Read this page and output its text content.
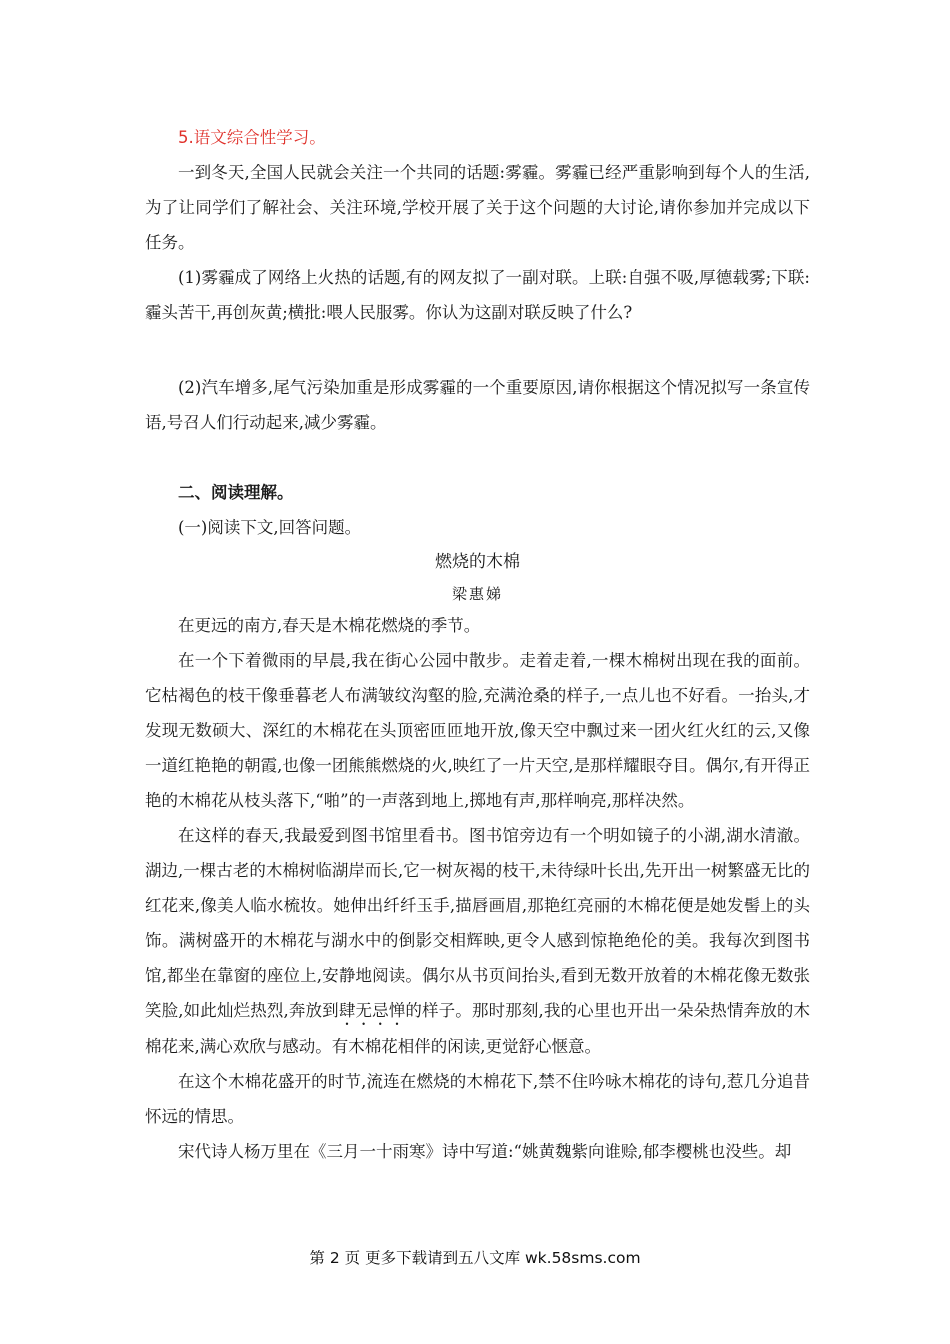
5.语文综合性学习。

一到冬天,全国人民就会关注一个共同的话题:雾霾。雾霾已经严重影响到每个人的生活,为了让同学们了解社会、关注环境,学校开展了关于这个问题的大讨论,请你参加并完成以下任务。

(1)雾霾成了网络上火热的话题,有的网友拟了一副对联。上联:自强不吸,厚德载雾;下联:霾头苦干,再创灰黄;横批:喂人民服雾。你认为这副对联反映了什么?

(2)汽车增多,尾气污染加重是形成雾霾的一个重要原因,请你根据这个情况拟写一条宣传语,号召人们行动起来,减少雾霾。

二、阅读理解。

(一)阅读下文,回答问题。

燃烧的木棉

梁惠娣

在更远的南方,春天是木棉花燃烧的季节。

在一个下着微雨的早晨,我在街心公园中散步。走着走着,一棵木棉树出现在我的面前。它枯褐色的枝干像垂暮老人布满皱纹沟壑的脸,充满沧桑的样子,一点儿也不好看。一抬头,才发现无数硕大、深红的木棉花在头顶密匝匝地开放,像天空中飘过来一团火红火红的云,又像一道红艳艳的朝霞,也像一团熊熊燃烧的火,映红了一片天空,是那样耀眼夺目。偶尔,有开得正艳的木棉花从枝头落下,“啪”的一声落到地上,掷地有声,那样响亮,那样决然。

在这样的春天,我最爱到图书馆里看书。图书馆旁边有一个明如镜子的小湖,湖水清澈。湖边,一棵古老的木棉树临湖岸而长,它一树灰褐的枝干,未待绿叶长出,先开出一树繁盛无比的红花来,像美人临水梳妆。她伸出纤纤玉手,描唇画眉,那艳红亮丽的木棉花便是她发髻上的头饰。满树盛开的木棉花与湖水中的倒影交相辉映,更令人感到惊艳绝伦的美。我每次到图书馆,都坐在靠窗的座位上,安静地阅读。偶尔从书页间抬头,看到无数开放着的木棉花像无数张笑脸,如此灿烂热烈,奔放到肆无忌惮的样子。那时那刻,我的心里也开出一朵朵热情奔放的木棉花来,满心欢欣与感动。有木棉花相伴的闲读,更觉舒心惬意。

在这个木棉花盛开的时节,流连在燃烧的木棉花下,禁不住吟咏木棉花的诗句,惹几分追昔怀远的情思。

宋代诗人杨万里在《三月一十雨寒》诗中写道:“姚黄魏紫向谁赊,郁李樱桃也没些。却

第 2 页 更多下载请到五八文库 wk.58sms.com
